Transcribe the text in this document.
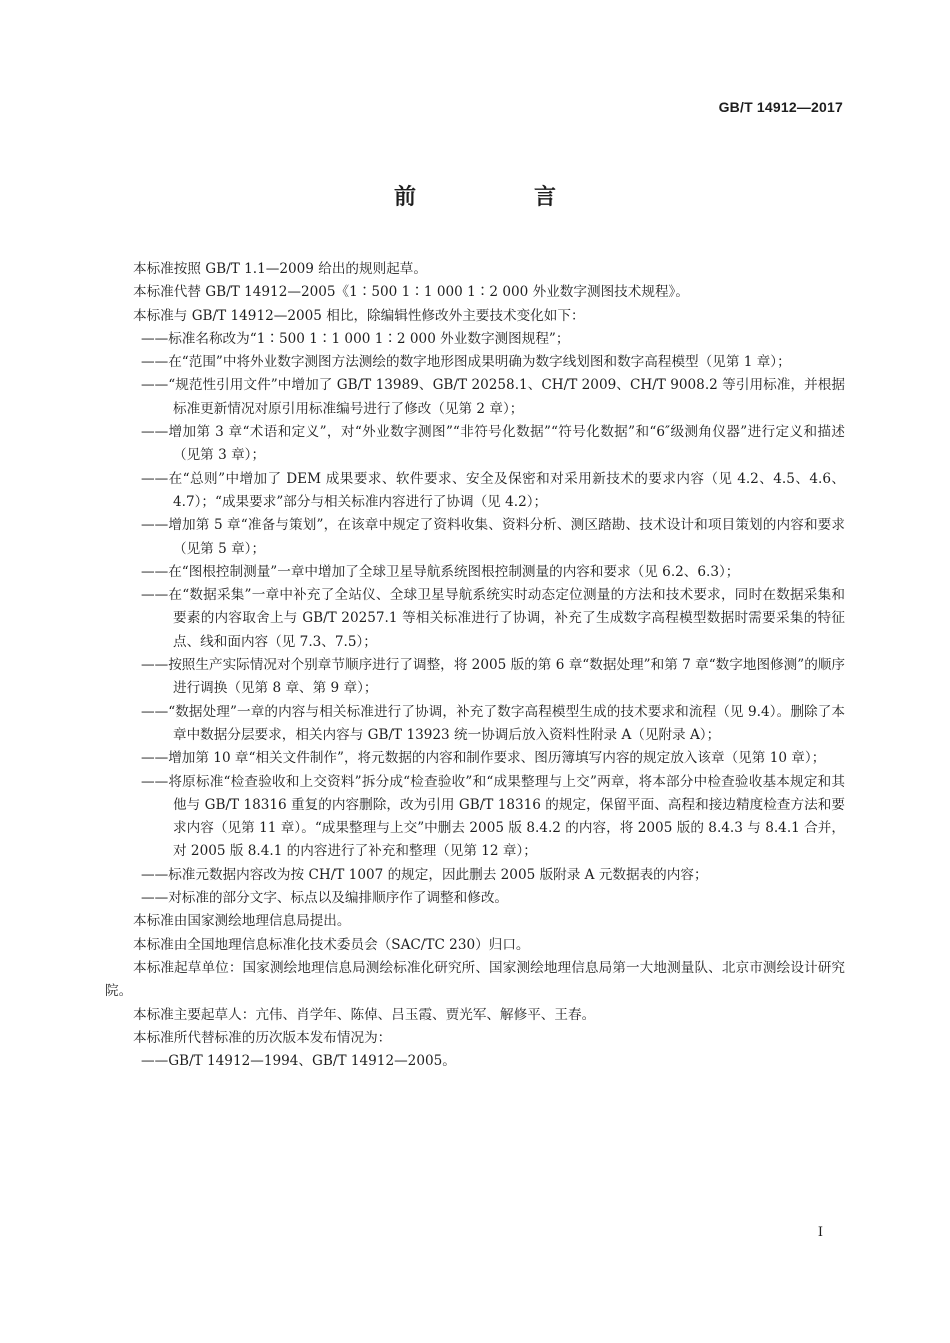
GB/T 14912—2017
前　言
本标准按照 GB/T 1.1—2009 给出的规则起草。
本标准代替 GB/T 14912—2005《1∶500 1∶1 000 1∶2 000 外业数字测图技术规程》。
本标准与 GB/T 14912—2005 相比，除编辑性修改外主要技术变化如下：
——标准名称改为“1∶500 1∶1 000 1∶2 000 外业数字测图规程”；
——在“范围”中将外业数字测图方法测绘的数字地形图成果明确为数字线划图和数字高程模型（见第 1 章）；
——“规范性引用文件”中增加了 GB/T 13989、GB/T 20258.1、CH/T 2009、CH/T 9008.2 等引用标准，并根据标准更新情况对原引用标准编号进行了修改（见第 2 章）；
——增加第 3 章“术语和定义”，对“外业数字测图”“非符号化数据”“符号化数据”和“6″级测角仪器”进行定义和描述（见第 3 章）；
——在“总则”中增加了 DEM 成果要求、软件要求、安全及保密和对采用新技术的要求内容（见 4.2、4.5、4.6、4.7）；“成果要求”部分与相关标准内容进行了协调（见 4.2）；
——增加第 5 章“准备与策划”，在该章中规定了资料收集、资料分析、测区踏勘、技术设计和项目策划的内容和要求（见第 5 章）；
——在“图根控制测量”一章中增加了全球卫星导航系统图根控制测量的内容和要求（见 6.2、6.3）；
——在“数据采集”一章中补充了全站仪、全球卫星导航系统实时动态定位测量的方法和技术要求，同时在数据采集和要素的内容取舍上与 GB/T 20257.1 等相关标准进行了协调，补充了生成数字高程模型数据时需要采集的特征点、线和面内容（见 7.3、7.5）；
——按照生产实际情况对个别章节顺序进行了调整，将 2005 版的第 6 章“数据处理”和第 7 章“数字地图修测”的顺序进行调换（见第 8 章、第 9 章）；
——“数据处理”一章的内容与相关标准进行了协调，补充了数字高程模型生成的技术要求和流程（见 9.4）。删除了本章中数据分层要求，相关内容与 GB/T 13923 统一协调后放入资料性附录 A（见附录 A）；
——增加第 10 章“相关文件制作”，将元数据的内容和制作要求、图历簿填写内容的规定放入该章（见第 10 章）；
——将原标准“检查验收和上交资料”拆分成“检查验收”和“成果整理与上交”两章，将本部分中检查验收基本规定和其他与 GB/T 18316 重复的内容删除，改为引用 GB/T 18316 的规定，保留平面、高程和接边精度检查方法和要求内容（见第 11 章）。“成果整理与上交”中删去 2005 版 8.4.2 的内容，将 2005 版的 8.4.3 与 8.4.1 合并，对 2005 版 8.4.1 的内容进行了补充和整理（见第 12 章）；
——标准元数据内容改为按 CH/T 1007 的规定，因此删去 2005 版附录 A 元数据表的内容；
——对标准的部分文字、标点以及编排顺序作了调整和修改。
本标准由国家测绘地理信息局提出。
本标准由全国地理信息标准化技术委员会（SAC/TC 230）归口。
本标准起草单位：国家测绘地理信息局测绘标准化研究所、国家测绘地理信息局第一大地测量队、北京市测绘设计研究院。
本标准主要起草人：亢伟、肖学年、陈倬、吕玉霞、贾光军、解修平、王春。
本标准所代替标准的历次版本发布情况为：
——GB/T 14912—1994、GB/T 14912—2005。
Ⅰ
